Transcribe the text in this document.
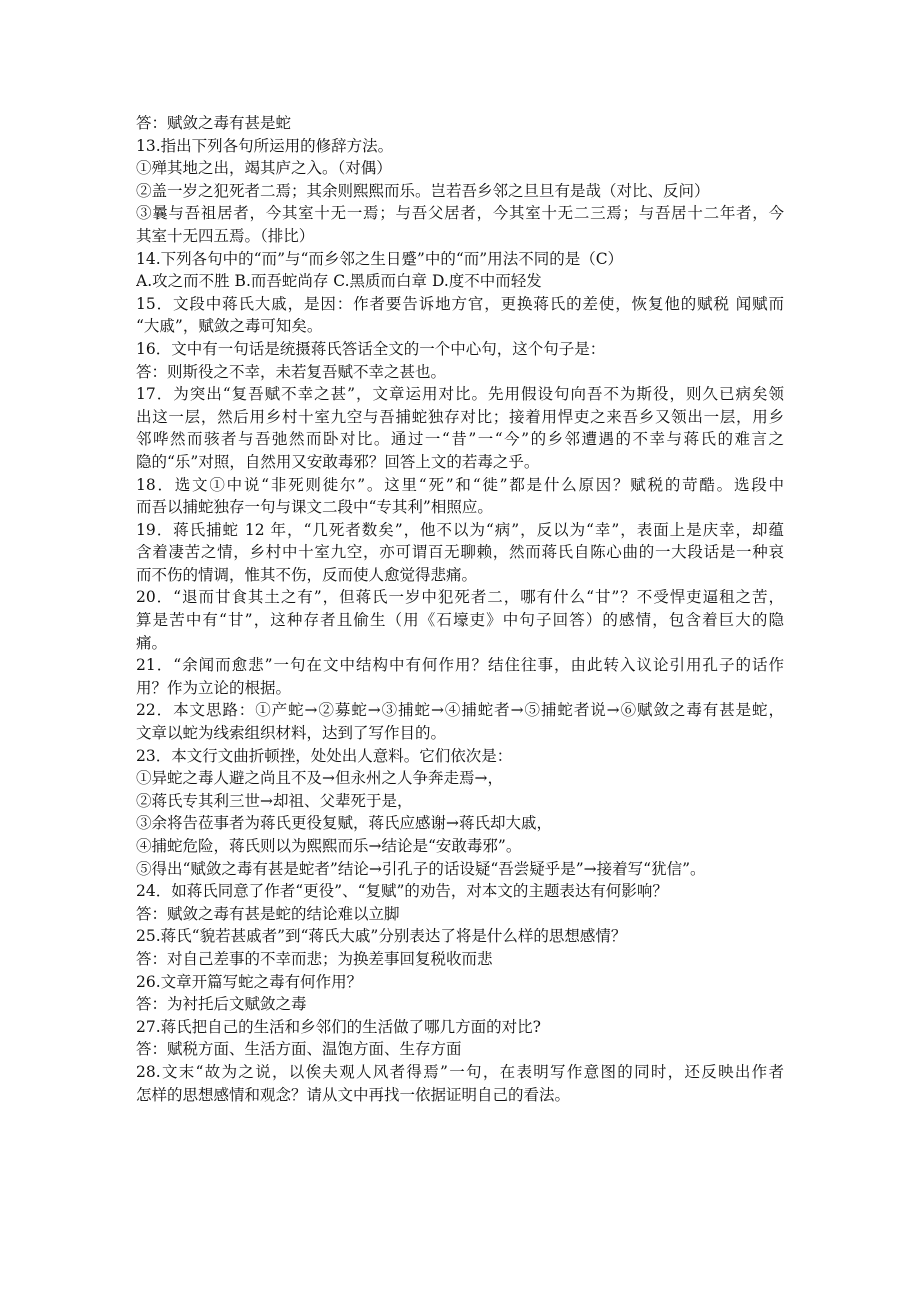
答：赋敛之毒有甚是蛇
13.指出下列各句所运用的修辞方法。
①殚其地之出，竭其庐之入。（对偶）
②盖一岁之犯死者二焉；其余则熙熙而乐。岂若吾乡邻之旦旦有是哉（对比、反问）
③曩与吾祖居者，今其室十无一焉；与吾父居者，今其室十无二三焉；与吾居十二年者，今
其室十无四五焉。（排比）
14.下列各句中的“而”与“而乡邻之生日蹙”中的“而”用法不同的是（C）
A.攻之而不胜 B.而吾蛇尚存 C.黑质而白章 D.度不中而轻发
15．文段中蒋氏大戚，是因：作者要告诉地方官，更换蒋氏的差使，恢复他的赋税 闻赋而
“大戚”，赋敛之毒可知矣。
16．文中有一句话是统摄蒋氏答话全文的一个中心句，这个句子是：
答：则斯役之不幸，未若复吾赋不幸之甚也。
17．为突出“复吾赋不幸之甚”，文章运用对比。先用假设句向吾不为斯役，则久已病矣领
出这一层，然后用乡村十室九空与吾捕蛇独存对比；接着用悍吏之来吾乡又领出一层，用乡
邻哗然而骇者与吾弛然而卧对比。通过一“昔”一“今”的乡邻遭遇的不幸与蒋氏的难言之
隐的“乐”对照，自然用又安敢毒邪？回答上文的若毒之乎。
18．选文①中说“非死则徙尔”。这里“死”和“徙”都是什么原因？赋税的苛酷。选段中
而吾以捕蛇独存一句与课文二段中“专其利”相照应。
19．蒋氏捕蛇 12 年，“几死者数矣”，他不以为“病”，反以为“幸”，表面上是庆幸，却蕴
含着凄苦之情，乡村中十室九空，亦可谓百无聊赖，然而蒋氏自陈心曲的一大段话是一种哀
而不伤的情调，惟其不伤，反而使人愈觉得悲痛。
20．“退而甘食其土之有”，但蒋氏一岁中犯死者二，哪有什么“甘”？不受悍吏逼租之苦，
算是苦中有“甘”，这种存者且偷生（用《石壕吏》中句子回答）的感情，包含着巨大的隐
痛。
21．“余闻而愈悲”一句在文中结构中有何作用？结住往事，由此转入议论引用孔子的话作
用？作为立论的根据。
22．本文思路：①产蛇→②募蛇→③捕蛇→④捕蛇者→⑤捕蛇者说→⑥赋敛之毒有甚是蛇，
文章以蛇为线索组织材料，达到了写作目的。
23．本文行文曲折顿挫，处处出人意料。它们依次是：
①异蛇之毒人避之尚且不及→但永州之人争奔走焉→，
②蒋氏专其利三世→却祖、父辈死于是，
③余将告莅事者为蒋氏更役复赋，蒋氏应感谢→蒋氏却大戚，
④捕蛇危险，蒋氏则以为熙熙而乐→结论是“安敢毒邪”。
⑤得出“赋敛之毒有甚是蛇者”结论→引孔子的话设疑“吾尝疑乎是”→接着写“犹信”。
24．如蒋氏同意了作者“更役”、“复赋”的劝告，对本文的主题表达有何影响？
答：赋敛之毒有甚是蛇的结论难以立脚
25.蒋氏“貌若甚戚者”到“蒋氏大戚”分别表达了将是什么样的思想感情？
答：对自己差事的不幸而悲；为换差事回复税收而悲
26.文章开篇写蛇之毒有何作用？
答：为衬托后文赋敛之毒
27.蒋氏把自己的生活和乡邻们的生活做了哪几方面的对比?
答：赋税方面、生活方面、温饱方面、生存方面
28.文末“故为之说，以俟夫观人风者得焉”一句，在表明写作意图的同时，还反映出作者
怎样的思想感情和观念？请从文中再找一依据证明自己的看法。
